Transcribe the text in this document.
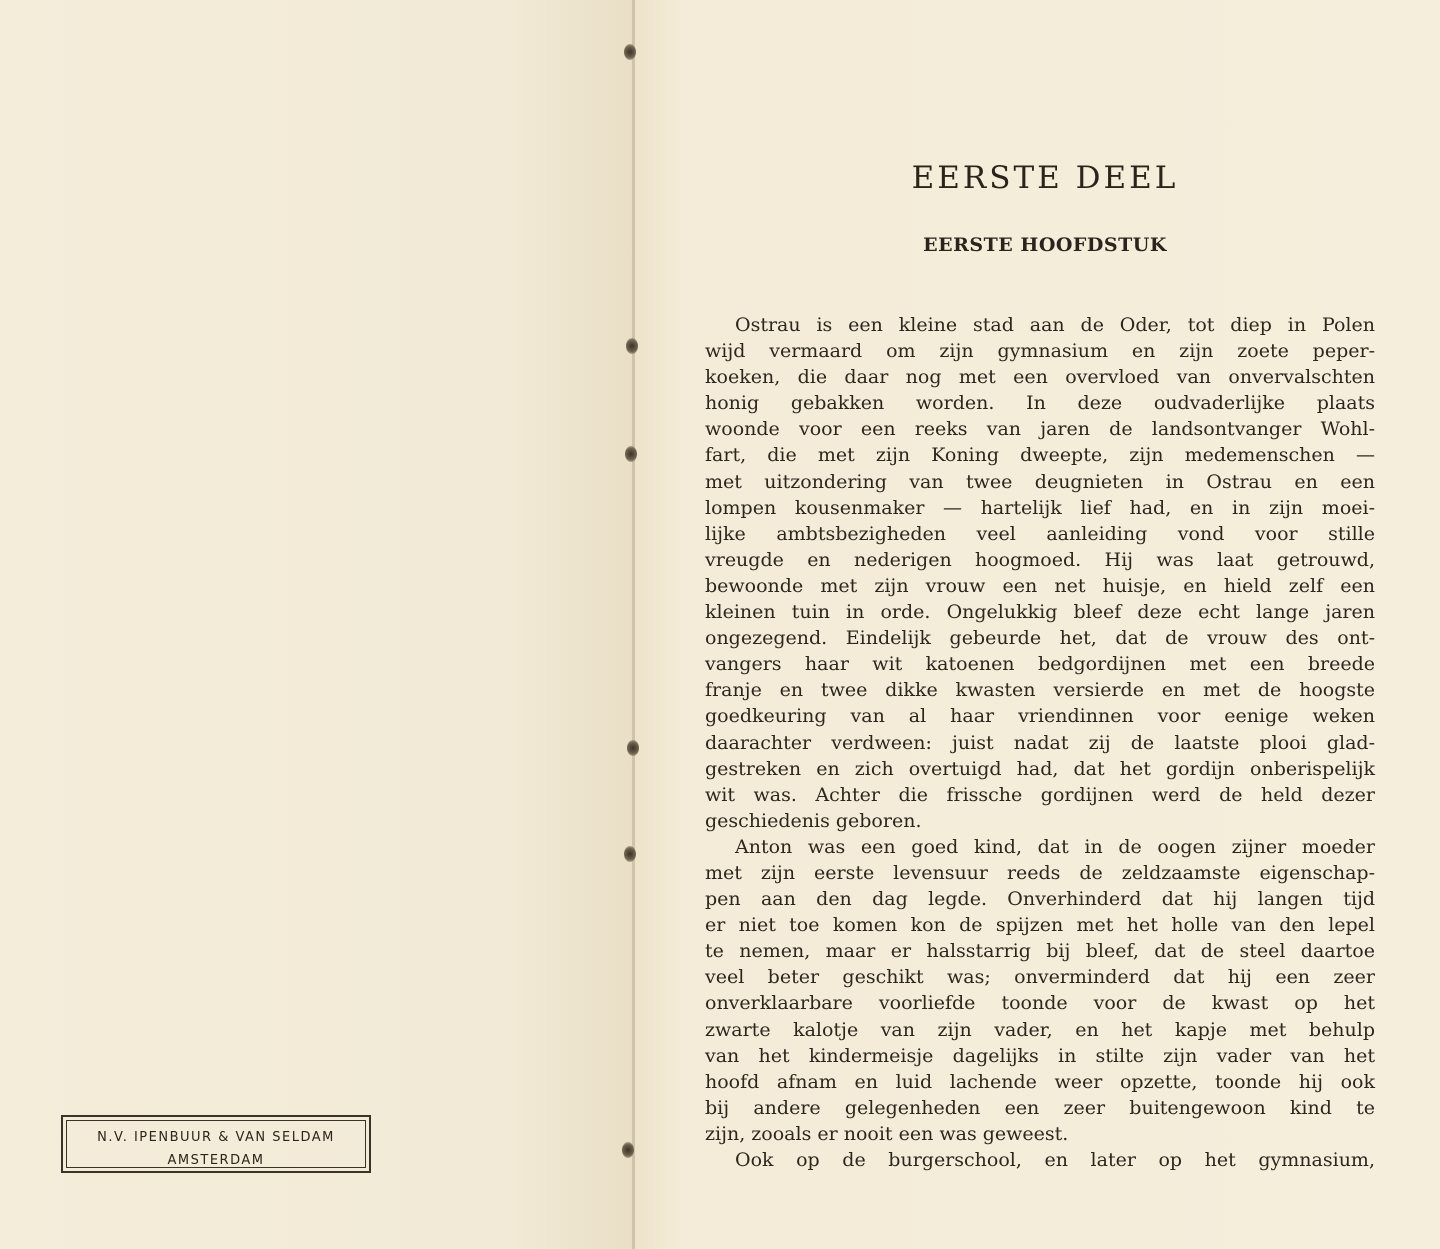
N.V. IPENBUUR & VAN SELDAM
AMSTERDAM
EERSTE DEEL
EERSTE HOOFDSTUK
Ostrau is een kleine stad aan de Oder, tot diep in Polen
wijd vermaard om zijn gymnasium en zijn zoete peper-
koeken, die daar nog met een overvloed van onvervalschten
honig gebakken worden. In deze oudvaderlijke plaats
woonde voor een reeks van jaren de landsontvanger Wohl-
fart, die met zijn Koning dweepte, zijn medemenschen —
met uitzondering van twee deugnieten in Ostrau en een
lompen kousenmaker — hartelijk lief had, en in zijn moei-
lijke ambtsbezigheden veel aanleiding vond voor stille
vreugde en nederigen hoogmoed. Hij was laat getrouwd,
bewoonde met zijn vrouw een net huisje, en hield zelf een
kleinen tuin in orde. Ongelukkig bleef deze echt lange jaren
ongezegend. Eindelijk gebeurde het, dat de vrouw des ont-
vangers haar wit katoenen bedgordijnen met een breede
franje en twee dikke kwasten versierde en met de hoogste
goedkeuring van al haar vriendinnen voor eenige weken
daarachter verdween: juist nadat zij de laatste plooi glad-
gestreken en zich overtuigd had, dat het gordijn onberispelijk
wit was. Achter die frissche gordijnen werd de held dezer
geschiedenis geboren.
Anton was een goed kind, dat in de oogen zijner moeder
met zijn eerste levensuur reeds de zeldzaamste eigenschap-
pen aan den dag legde. Onverhinderd dat hij langen tijd
er niet toe komen kon de spijzen met het holle van den lepel
te nemen, maar er halsstarrig bij bleef, dat de steel daartoe
veel beter geschikt was; onverminderd dat hij een zeer
onverklaarbare voorliefde toonde voor de kwast op het
zwarte kalotje van zijn vader, en het kapje met behulp
van het kindermeisje dagelijks in stilte zijn vader van het
hoofd afnam en luid lachende weer opzette, toonde hij ook
bij andere gelegenheden een zeer buitengewoon kind te
zijn, zooals er nooit een was geweest.
Ook op de burgerschool, en later op het gymnasium,
